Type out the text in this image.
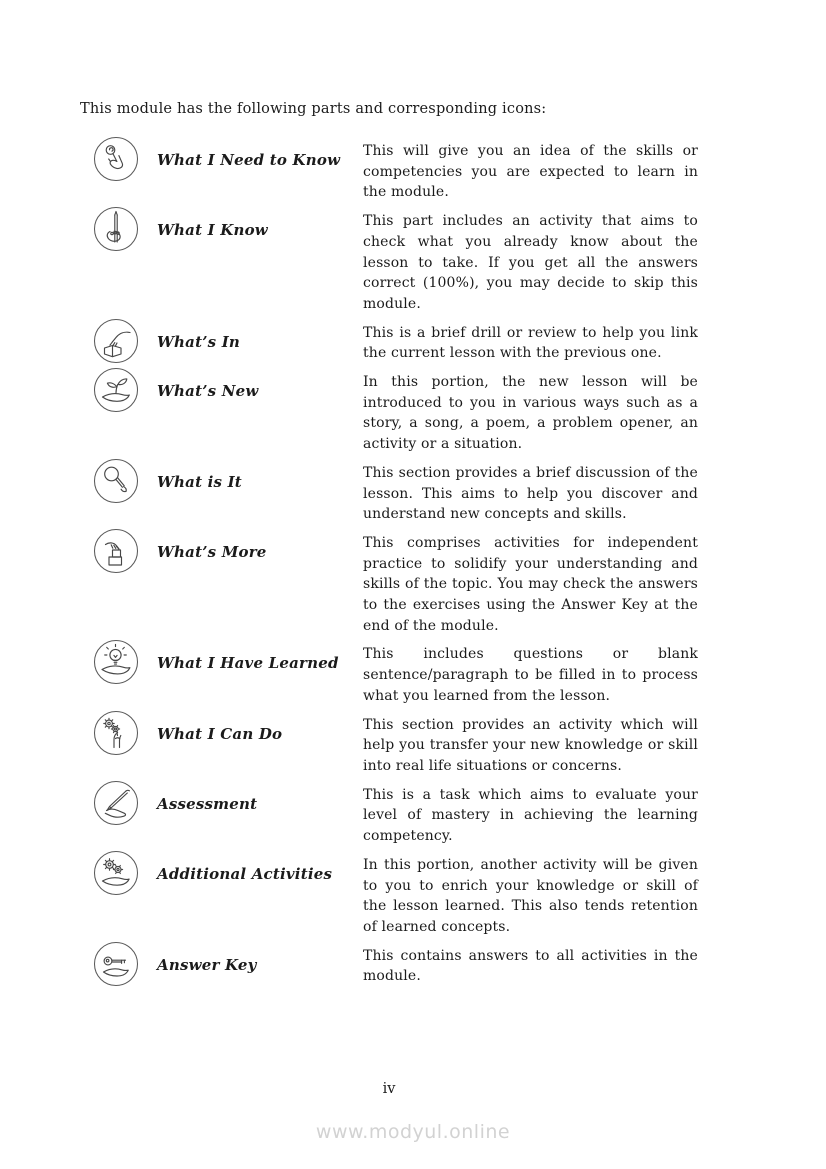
This module has the following parts and corresponding icons:

What I Need to Know	This will give you an idea of the skills or competencies you are expected to learn in the module.
What I Know	This part includes an activity that aims to check what you already know about the lesson to take. If you get all the answers correct (100%), you may decide to skip this module.
What’s In	This is a brief drill or review to help you link the current lesson with the previous one.
What’s New	In this portion, the new lesson will be introduced to you in various ways such as a story, a song, a poem, a problem opener, an activity or a situation.
What is It	This section provides a brief discussion of the lesson. This aims to help you discover and understand new concepts and skills.
What’s More	This comprises activities for independent practice to solidify your understanding and skills of the topic. You may check the answers to the exercises using the Answer Key at the end of the module.
What I Have Learned	This includes questions or blank sentence/paragraph to be filled in to process what you learned from the lesson.
What I Can Do	This section provides an activity which will help you transfer your new knowledge or skill into real life situations or concerns.
Assessment	This is a task which aims to evaluate your level of mastery in achieving the learning competency.
Additional Activities	In this portion, another activity will be given to you to enrich your knowledge or skill of the lesson learned. This also tends retention of learned concepts.
Answer Key	This contains answers to all activities in the module.
iv
www.modyul.online
